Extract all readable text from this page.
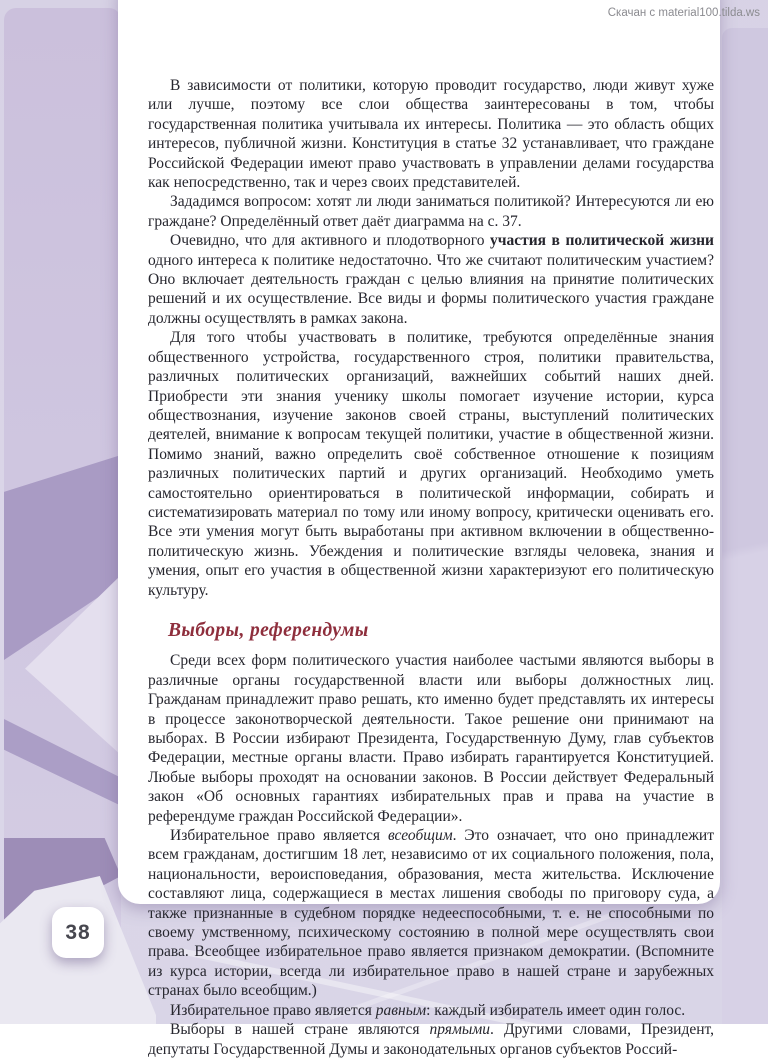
В зависимости от политики, которую проводит государство, люди живут хуже или лучше, поэтому все слои общества заинтересованы в том, чтобы государственная политика учитывала их интересы. Политика — это область общих интересов, публичной жизни. Конституция в статье 32 устанавливает, что граждане Российской Федерации имеют право участвовать в управлении делами государства как непосредственно, так и через своих представителей.

Зададимся вопросом: хотят ли люди заниматься политикой? Интересуются ли ею граждане? Определённый ответ даёт диаграмма на с. 37.

Очевидно, что для активного и плодотворного участия в политической жизни одного интереса к политике недостаточно. Что же считают политическим участием? Оно включает деятельность граждан с целью влияния на принятие политических решений и их осуществление. Все виды и формы политического участия граждане должны осуществлять в рамках закона.

Для того чтобы участвовать в политике, требуются определённые знания общественного устройства, государственного строя, политики правительства, различных политических организаций, важнейших событий наших дней. Приобрести эти знания ученику школы помогает изучение истории, курса обществознания, изучение законов своей страны, выступлений политических деятелей, внимание к вопросам текущей политики, участие в общественной жизни. Помимо знаний, важно определить своё собственное отношение к позициям различных политических партий и других организаций. Необходимо уметь самостоятельно ориентироваться в политической информации, собирать и систематизировать материал по тому или иному вопросу, критически оценивать его. Все эти умения могут быть выработаны при активном включении в общественно-политическую жизнь. Убеждения и политические взгляды человека, знания и умения, опыт его участия в общественной жизни характеризуют его политическую культуру.

Выборы, референдумы

Среди всех форм политического участия наиболее частыми являются выборы в различные органы государственной власти или выборы должностных лиц. Гражданам принадлежит право решать, кто именно будет представлять их интересы в процессе законотворческой деятельности. Такое решение они принимают на выборах. В России избирают Президента, Государственную Думу, глав субъектов Федерации, местные органы власти. Право избирать гарантируется Конституцией. Любые выборы проходят на основании законов. В России действует Федеральный закон «Об основных гарантиях избирательных прав и права на участие в референдуме граждан Российской Федерации».

Избирательное право является всеобщим. Это означает, что оно принадлежит всем гражданам, достигшим 18 лет, независимо от их социального положения, пола, национальности, вероисповедания, образования, места жительства. Исключение составляют лица, содержащиеся в местах лишения свободы по приговору суда, а также признанные в судебном порядке недееспособными, т. е. не способными по своему умственному, психическому состоянию в полной мере осуществлять свои права. Всеобщее избирательное право является признаком демократии. (Вспомните из курса истории, всегда ли избирательное право в нашей стране и зарубежных странах было всеобщим.)

Избирательное право является равным: каждый избиратель имеет один голос.

Выборы в нашей стране являются прямыми. Другими словами, Президент, депутаты Государственной Думы и законодательных органов субъектов Россий-

Скачан с material100.tilda.ws
38
